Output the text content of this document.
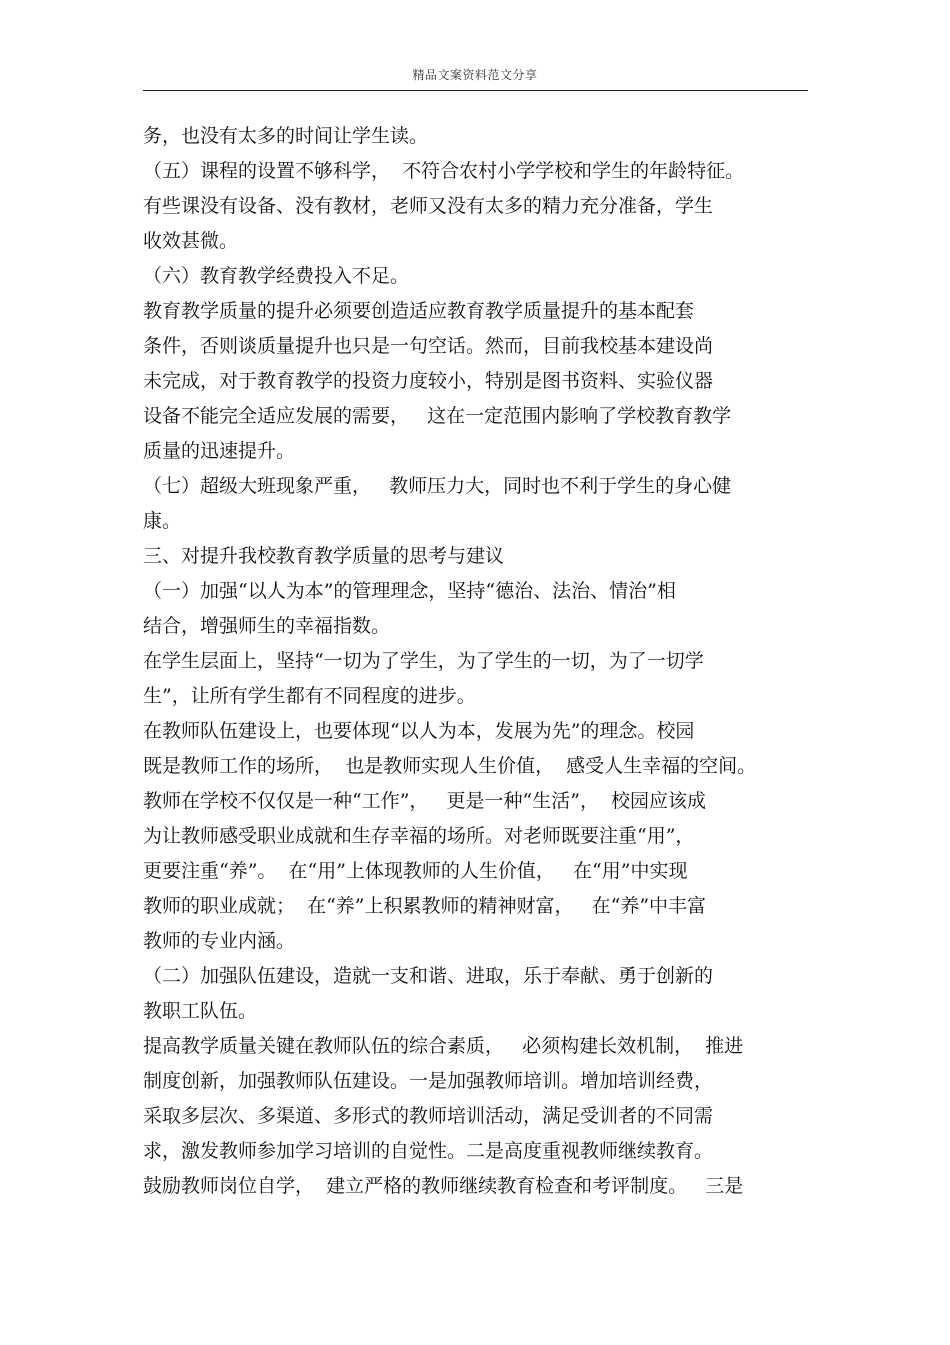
精品文案资料范文分享
务，也没有太多的时间让学生读。
（五）课程的设置不够科学，  不符合农村小学学校和学生的年龄特征。
有些课没有设备、没有教材，老师又没有太多的精力充分准备，学生
收效甚微。
（六）教育教学经费投入不足。
教育教学质量的提升必须要创造适应教育教学质量提升的基本配套
条件，否则谈质量提升也只是一句空话。然而，目前我校基本建设尚
未完成，对于教育教学的投资力度较小，特别是图书资料、实验仪器
设备不能完全适应发展的需要，   这在一定范围内影响了学校教育教学
质量的迅速提升。
（七）超级大班现象严重，   教师压力大，同时也不利于学生的身心健
康。
三、对提升我校教育教学质量的思考与建议
（一）加强“以人为本”的管理理念，坚持“德治、法治、情治”相
结合，增强师生的幸福指数。
在学生层面上，坚持“一切为了学生，为了学生的一切，为了一切学
生”，让所有学生都有不同程度的进步。
在教师队伍建设上，也要体现“以人为本，发展为先”的理念。校园
既是教师工作的场所，  也是教师实现人生价值，  感受人生幸福的空间。
教师在学校不仅仅是一种“工作”，   更是一种“生活”，  校园应该成
为让教师感受职业成就和生存幸福的场所。对老师既要注重“用”，
更要注重“养”。  在“用”上体现教师的人生价值，   在“用”中实现
教师的职业成就；  在“养”上积累教师的精神财富，   在“养”中丰富
教师的专业内涵。
（二）加强队伍建设，造就一支和谐、进取，乐于奉献、勇于创新的
教职工队伍。
提高教学质量关键在教师队伍的综合素质，   必须构建长效机制，  推进
制度创新，加强教师队伍建设。一是加强教师培训。增加培训经费，
采取多层次、多渠道、多形式的教师培训活动，满足受训者的不同需
求，激发教师参加学习培训的自觉性。二是高度重视教师继续教育。
鼓励教师岗位自学，  建立严格的教师继续教育检查和考评制度。   三是
